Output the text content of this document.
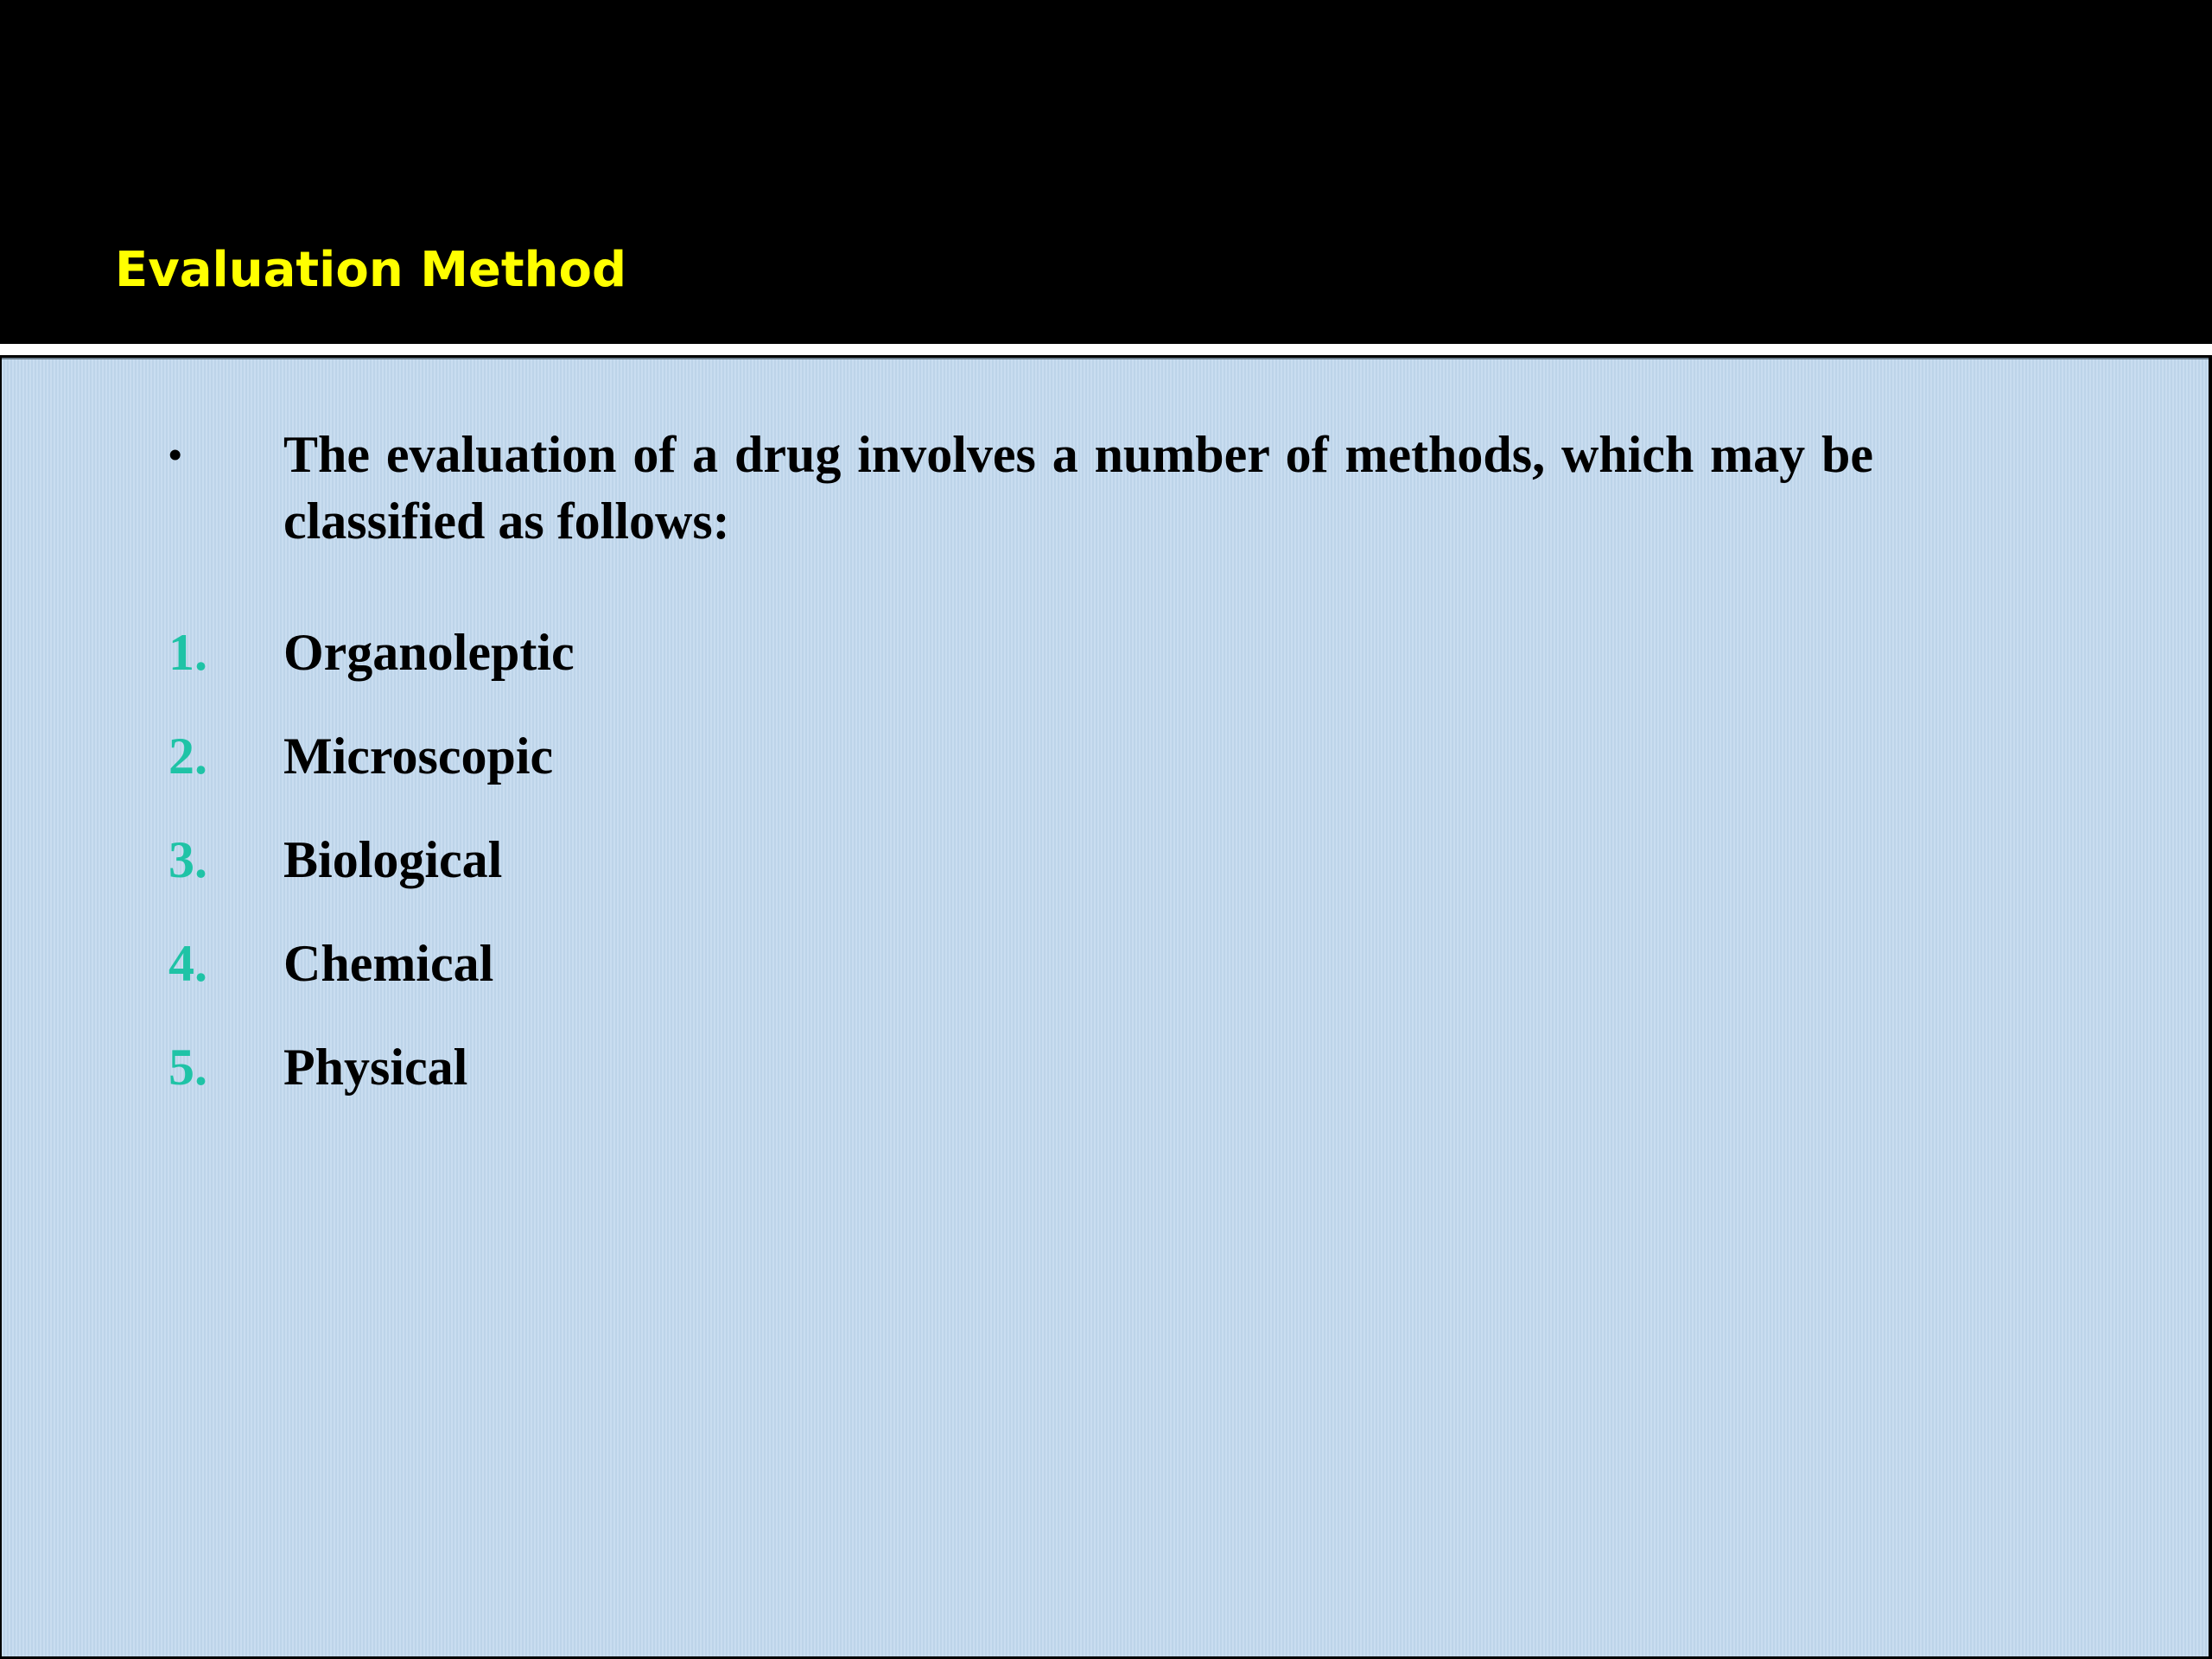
Evaluation Method
• The evaluation of a drug involves a number of methods, which may be classified as follows:
1.	Organoleptic
2.	Microscopic
3.	Biological
4.	Chemical
5.	Physical
